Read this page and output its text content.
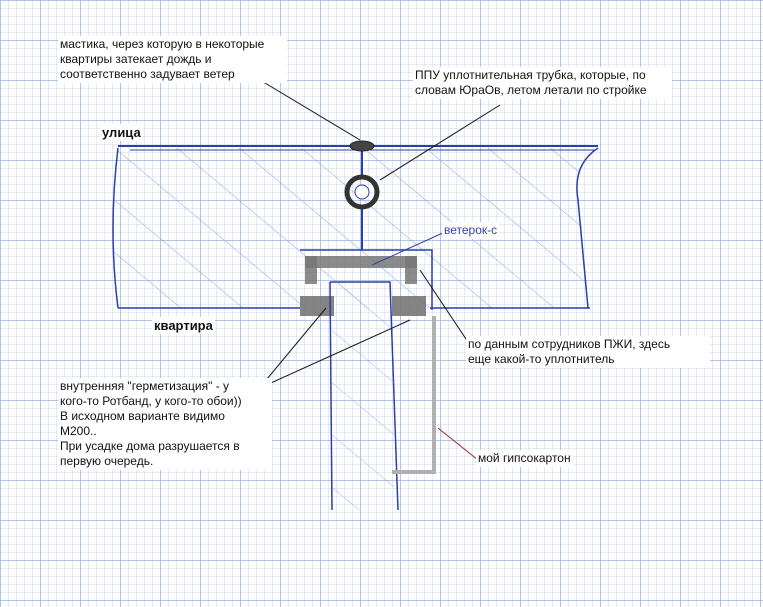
мастика, через которую в некоторые
квартиры затекает дождь и
соответственно задувает ветер	ППУ уплотнительная трубка, которые, по
словам ЮраОв, летом летали по стройке
улица
ветерок-с
квартира
по данным сотрудников ПЖИ, здесь
еще какой-то уплотнитель
внутренняя "герметизация" - у
кого-то Ротбанд, у кого-то обои))
В исходном варианте видимо
М200..
При усадке дома разрушается в
первую очередь.	мой гипсокартон
